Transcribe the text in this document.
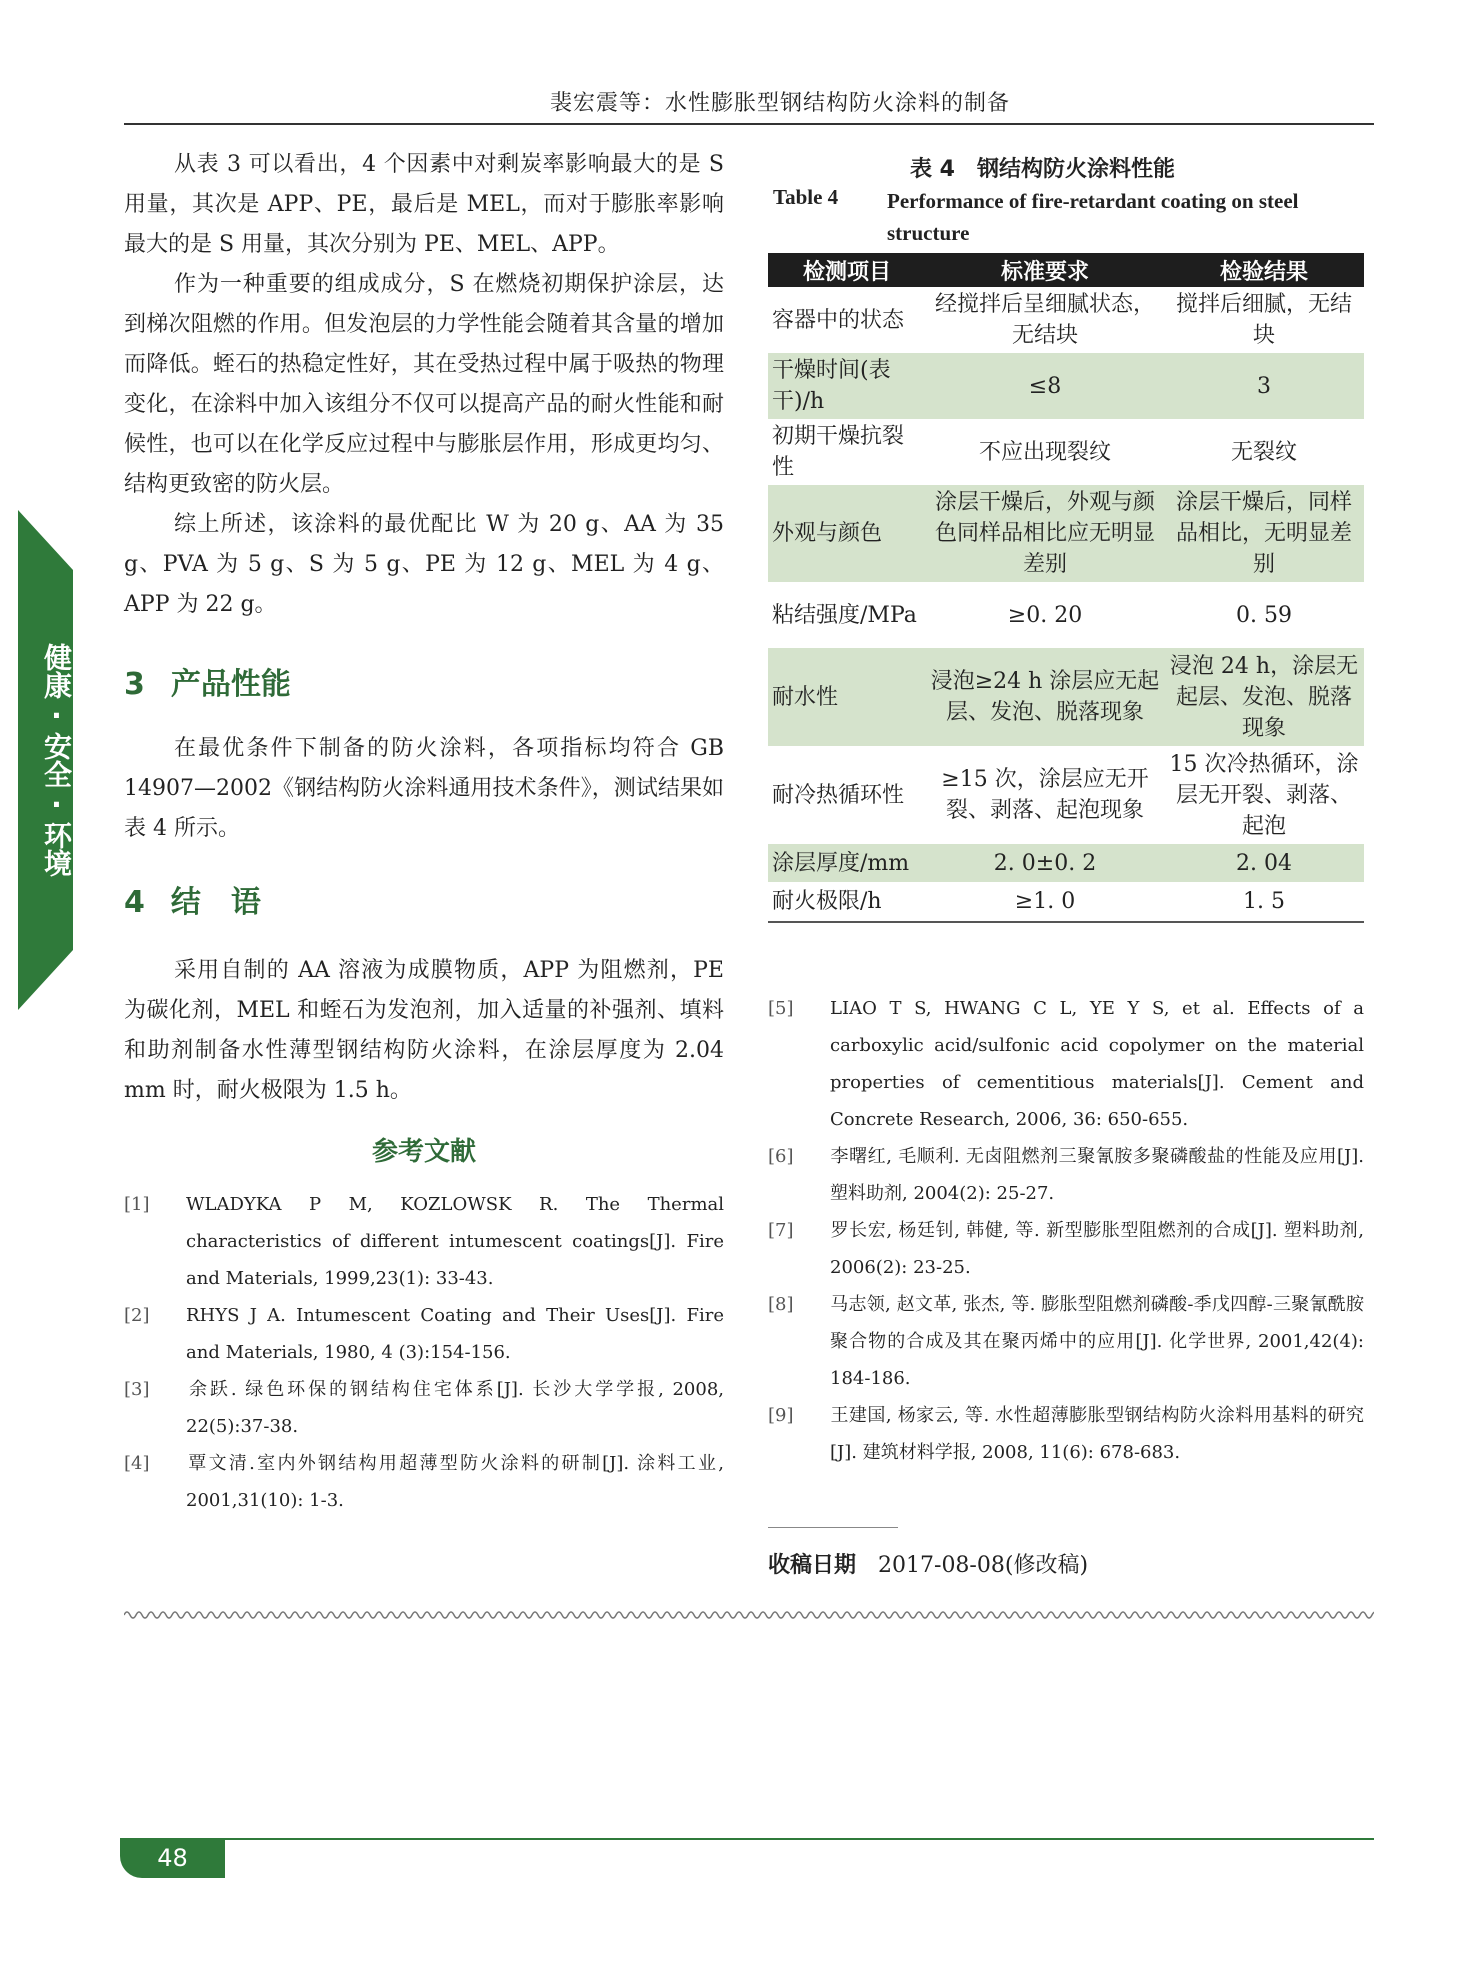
裴宏震等：水性膨胀型钢结构防火涂料的制备
健康·安全·环境

从表 3 可以看出，4 个因素中对剩炭率影响最大的是 S 用量，其次是 APP、PE，最后是 MEL，而对于膨胀率影响最大的是 S 用量，其次分别为 PE、MEL、APP。

作为一种重要的组成成分，S 在燃烧初期保护涂层，达到梯次阻燃的作用。但发泡层的力学性能会随着其含量的增加而降低。蛭石的热稳定性好，其在受热过程中属于吸热的物理变化，在涂料中加入该组分不仅可以提高产品的耐火性能和耐候性，也可以在化学反应过程中与膨胀层作用，形成更均匀、结构更致密的防火层。

综上所述，该涂料的最优配比 W 为 20 g、AA 为 35 g、PVA 为 5 g、S 为 5 g、PE 为 12 g、MEL 为 4 g、APP 为 22 g。

3 产品性能

在最优条件下制备的防火涂料，各项指标均符合 GB 14907—2002《钢结构防火涂料通用技术条件》，测试结果如表 4 所示。

4 结　语

采用自制的 AA 溶液为成膜物质，APP 为阻燃剂，PE 为碳化剂，MEL 和蛭石为发泡剂，加入适量的补强剂、填料和助剂制备水性薄型钢结构防火涂料，在涂层厚度为 2.04 mm 时，耐火极限为 1.5 h。

参考文献

[1] WLADYKA P M, KOZLOWSK R. The Thermal characteristics of different intumescent coatings[J]. Fire and Materials, 1999,23(1): 33-43.

[2] RHYS J A. Intumescent Coating and Their Uses[J]. Fire and Materials, 1980, 4 (3):154-156.

[3] 余跃. 绿色环保的钢结构住宅体系[J]. 长沙大学学报, 2008, 22(5):37-38.

[4] 覃文清.室内外钢结构用超薄型防火涂料的研制[J]. 涂料工业, 2001,31(10): 1-3.

表 4　钢结构防火涂料性能
Table 4 Performance of fire-retardant coating on steel structure
检测项目	标准要求	检验结果
容器中的状态	经搅拌后呈细腻状态，无结块	搅拌后细腻，无结块
干燥时间(表干)/h	≤8	3
初期干燥抗裂性	不应出现裂纹	无裂纹
外观与颜色	涂层干燥后，外观与颜色同样品相比应无明显差别	涂层干燥后，同样品相比，无明显差别
粘结强度/MPa	≥0. 20	0. 59
耐水性	浸泡≥24 h 涂层应无起层、发泡、脱落现象	浸泡 24 h，涂层无起层、发泡、脱落现象
耐冷热循环性	≥15 次，涂层应无开裂、剥落、起泡现象	15 次冷热循环，涂层无开裂、剥落、起泡
涂层厚度/mm	2. 0±0. 2	2. 04
耐火极限/h	≥1. 0	1. 5

[5] LIAO T S, HWANG C L, YE Y S, et al. Effects of a carboxylic acid/sulfonic acid copolymer on the material properties of cementitious materials[J]. Cement and Concrete Research, 2006, 36: 650-655.

[6] 李曙红, 毛顺利. 无卤阻燃剂三聚氰胺多聚磷酸盐的性能及应用[J]. 塑料助剂, 2004(2): 25-27.

[7] 罗长宏, 杨廷钊, 韩健, 等. 新型膨胀型阻燃剂的合成[J]. 塑料助剂, 2006(2): 23-25.

[8] 马志领, 赵文革, 张杰, 等. 膨胀型阻燃剂磷酸-季戊四醇-三聚氰酰胺聚合物的合成及其在聚丙烯中的应用[J]. 化学世界, 2001,42(4): 184-186.

[9] 王建国, 杨家云, 等. 水性超薄膨胀型钢结构防火涂料用基料的研究[J]. 建筑材料学报, 2008, 11(6): 678-683.

收稿日期 2017-08-08(修改稿)
48
